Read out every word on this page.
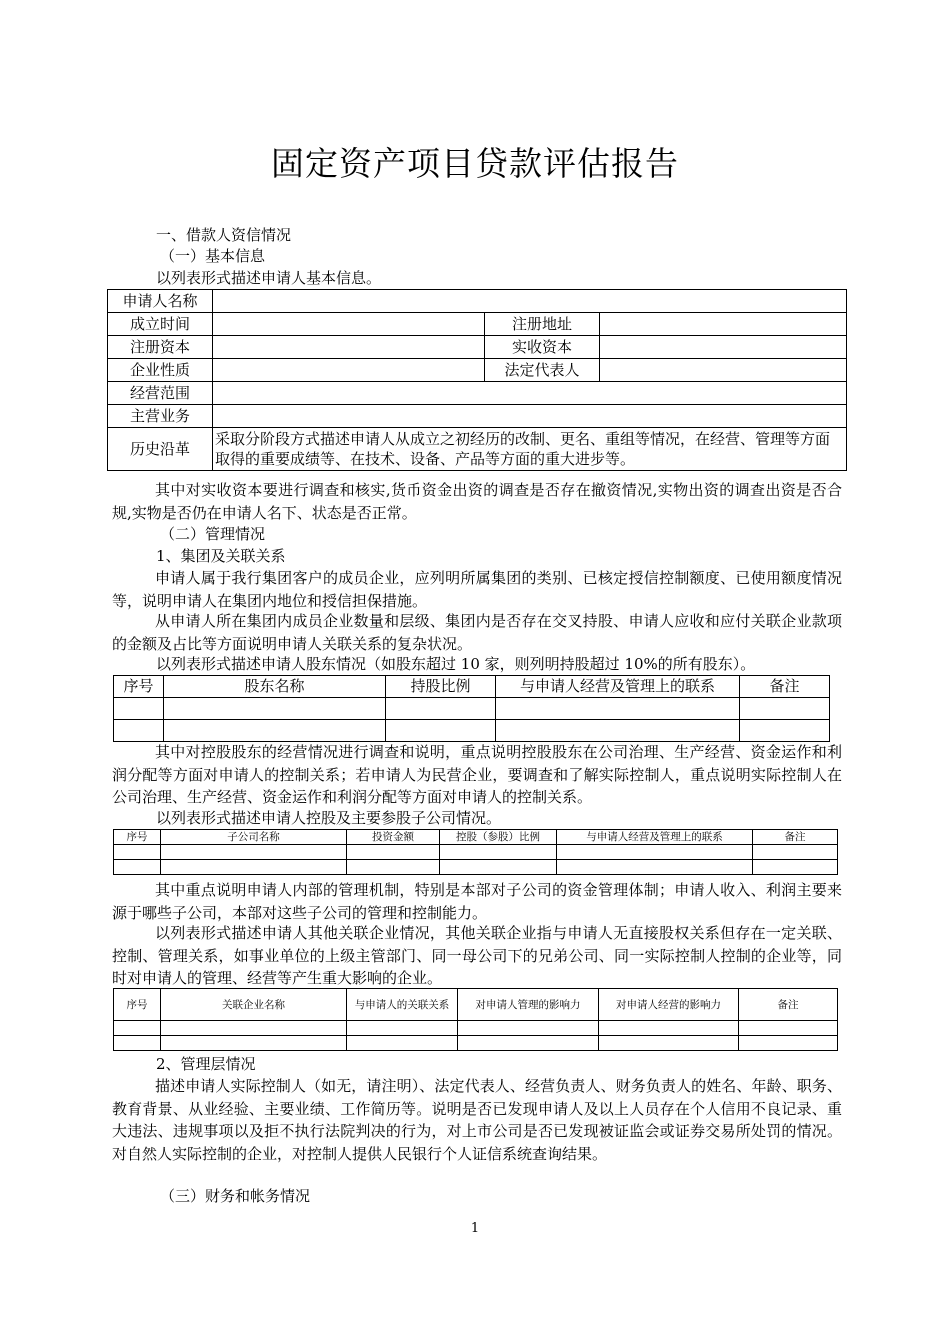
固定资产项目贷款评估报告
一、借款人资信情况
（一）基本信息
以列表形式描述申请人基本信息。
申请人名称			
成立时间		注册地址	
注册资本		实收资本	
企业性质		法定代表人	
经营范围			
主营业务			
历史沿革	采取分阶段方式描述申请人从成立之初经历的改制、更名、重组等情况，在经营、管理等方面取得的重要成绩等、在技术、设备、产品等方面的重大进步等。		
其中对实收资本要进行调查和核实,货币资金出资的调查是否存在撤资情况,实物出资的调查出资是否合规,实物是否仍在申请人名下、状态是否正常。
（二）管理情况
1、集团及关联关系
申请人属于我行集团客户的成员企业，应列明所属集团的类别、已核定授信控制额度、已使用额度情况等，说明申请人在集团内地位和授信担保措施。
从申请人所在集团内成员企业数量和层级、集团内是否存在交叉持股、申请人应收和应付关联企业款项的金额及占比等方面说明申请人关联关系的复杂状况。
以列表形式描述申请人股东情况（如股东超过 10 家，则列明持股超过 10%的所有股东）。
序号	股东名称	持股比例	与申请人经营及管理上的联系	备注

其中对控股股东的经营情况进行调查和说明，重点说明控股股东在公司治理、生产经营、资金运作和利润分配等方面对申请人的控制关系；若申请人为民营企业，要调查和了解实际控制人，重点说明实际控制人在公司治理、生产经营、资金运作和利润分配等方面对申请人的控制关系。
以列表形式描述申请人控股及主要参股子公司情况。
序号	子公司名称	投资金额	控股（参股）比例	与申请人经营及管理上的联系	备注

其中重点说明申请人内部的管理机制，特别是本部对子公司的资金管理体制；申请人收入、利润主要来源于哪些子公司，本部对这些子公司的管理和控制能力。
以列表形式描述申请人其他关联企业情况，其他关联企业指与申请人无直接股权关系但存在一定关联、控制、管理关系，如事业单位的上级主管部门、同一母公司下的兄弟公司、同一实际控制人控制的企业等，同时对申请人的管理、经营等产生重大影响的企业。
序号	关联企业名称	与申请人的关联关系	对申请人管理的影响力	对申请人经营的影响力	备注

2、管理层情况
描述申请人实际控制人（如无，请注明）、法定代表人、经营负责人、财务负责人的姓名、年龄、职务、教育背景、从业经验、主要业绩、工作简历等。说明是否已发现申请人及以上人员存在个人信用不良记录、重大违法、违规事项以及拒不执行法院判决的行为，对上市公司是否已发现被证监会或证券交易所处罚的情况。对自然人实际控制的企业，对控制人提供人民银行个人证信系统查询结果。
（三）财务和帐务情况
1
